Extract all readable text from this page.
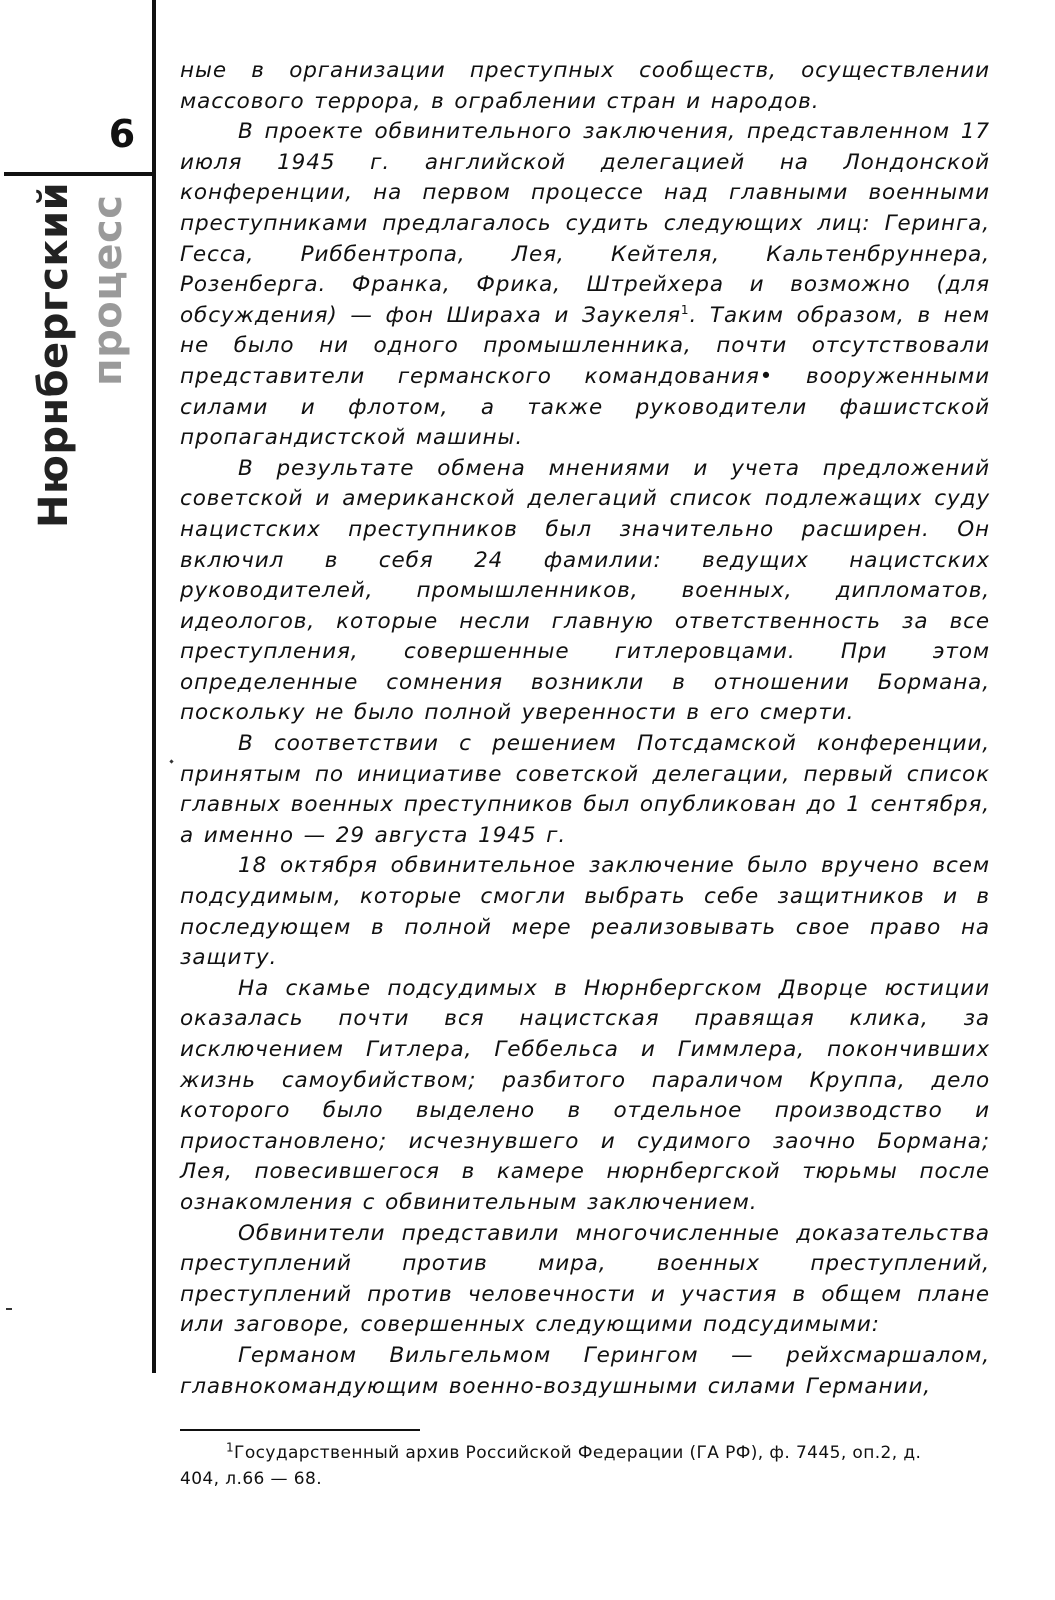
6
Нюрнбергский процесс

ные в организации преступных сообществ, осуществлении массового террора, в ограблении стран и народов.

В проекте обвинительного заключения, представленном 17 июля 1945 г. английской делегацией на Лондонской конференции, на первом процессе над главными военными преступниками предлагалось судить следующих лиц: Геринга, Гесса, Риббентропа, Лея, Кейтеля, Кальтенбруннера, Розенберга. Франка, Фрика, Штрейхера и возможно (для обсуждения) — фон Шираха и Заукеля$^1$. Таким образом, в нем не было ни одного промышленника, почти отсутствовали представители германского командования• вооруженными силами и флотом, а также руководители фашистской пропагандистской машины.

В результате обмена мнениями и учета предложений советской и американской делегаций список подлежащих суду нацистских преступников был значительно расширен. Он включил в себя 24 фамилии: ведущих нацистских руководителей, промышленников, военных, дипломатов, идеологов, которые несли главную ответственность за все преступления, совершенные гитлеровцами. При этом определенные сомнения возникли в отношении Бормана, поскольку не было полной уверенности в его смерти.

В соответствии с решением Потсдамской конференции, принятым по инициативе советской делегации, первый список главных военных преступников был опубликован до 1 сентября, а именно — 29 августа 1945 г.

18 октября обвинительное заключение было вручено всем подсудимым, которые смогли выбрать себе защитников и в последующем в полной мере реализовывать свое право на защиту.

На скамье подсудимых в Нюрнбергском Дворце юстиции оказалась почти вся нацистская правящая клика, за исключением Гитлера, Геббельса и Гиммлера, покончивших жизнь самоубийством; разбитого параличом Круппа, дело которого было выделено в отдельное производство и приостановлено; исчезнувшего и судимого заочно Бормана; Лея, повесившегося в камере нюрнбергской тюрьмы после ознакомления с обвинительным заключением.

Обвинители представили многочисленные доказательства преступлений против мира, военных преступлений, преступлений против человечности и участия в общем плане или заговоре, совершенных следующими подсудимыми:

Германом Вильгельмом Герингом — рейхсмаршалом, главнокомандующим военно-воздушными силами Германии,

$^1$Государственный архив Российской Федерации (ГА РФ), ф. 7445, оп.2, д.
404, л.66 — 68.
